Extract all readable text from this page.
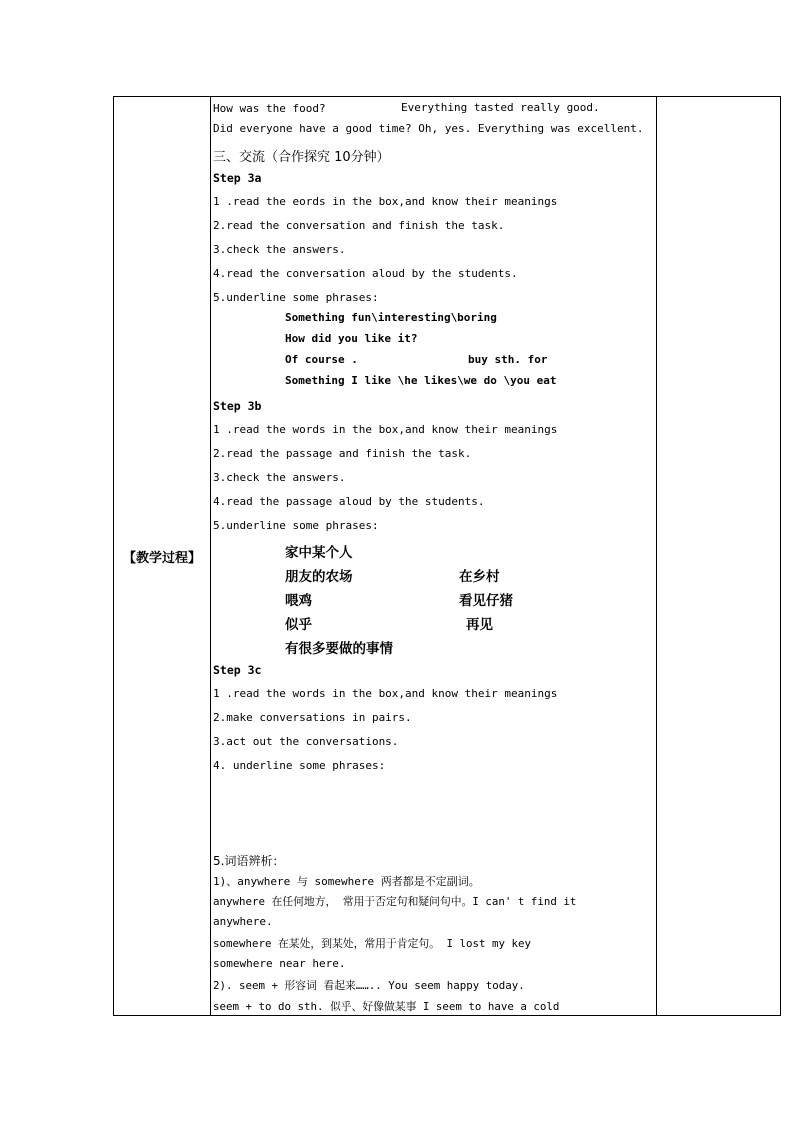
【教学过程】	
How was the food?	Everything tasted really good.
Did everyone have a good time? Oh, yes. Everything was excellent.
三、交流（合作探究 10分钟）
Step 3a
1 .read the eords in the box,and know their meanings
2.read the conversation and finish the task.
3.check the answers.
4.read the conversation aloud by the students.
5.underline some phrases:
Something fun\interesting\boring
How did you like it?
Of course .	buy sth. for
Something I like \he likes\we do \you eat
Step 3b
1 .read the words in the box,and know their meanings
2.read the passage and finish the task.
3.check the answers.
4.read the passage aloud by the students.
5.underline some phrases:
家中某个人
朋友的农场	在乡村
喂鸡	看见仔猪
似乎	再见
有很多要做的事情
Step 3c
1 .read the words in the box,and know their meanings
2.make conversations in pairs.
3.act out the conversations.
4. underline some phrases:
5.词语辨析：
1)、anywhere 与 somewhere 两者都是不定副词。
anywhere 在任何地方， 常用于否定句和疑问句中。I can' t find it
anywhere.
somewhere 在某处，到某处，常用于肯定句。 I lost my key
somewhere near here.
2). seem + 形容词 看起来…….. You seem happy today.
seem + to do sth. 似乎、好像做某事 I seem to have a cold
